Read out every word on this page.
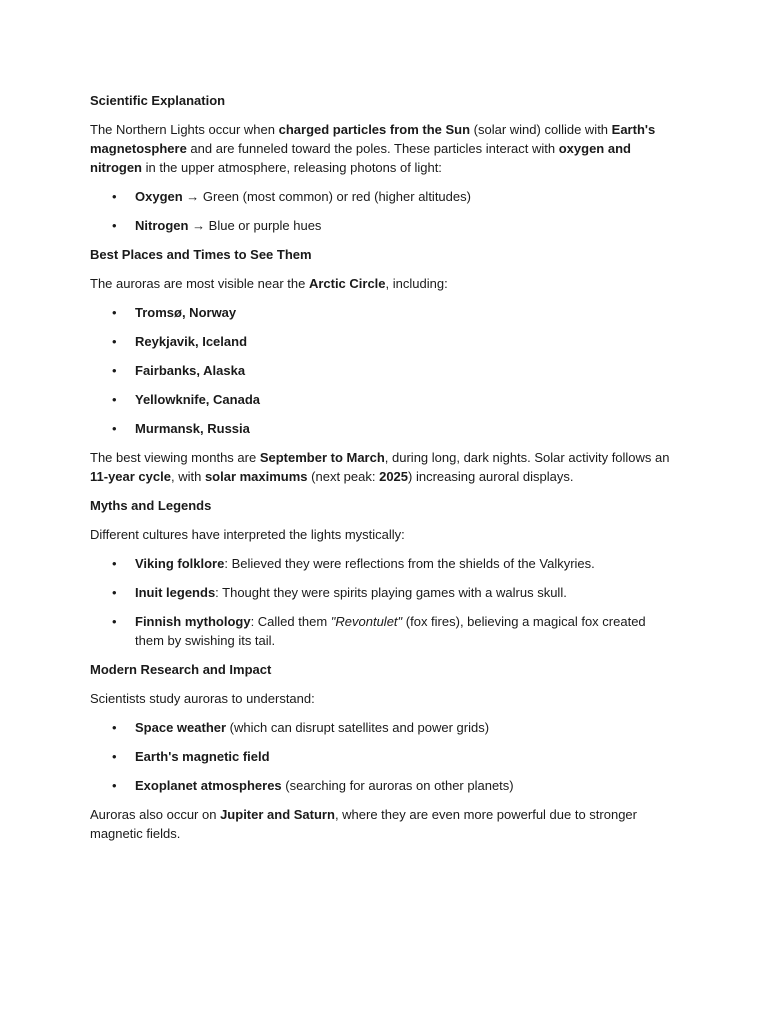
Scientific Explanation

The Northern Lights occur when charged particles from the Sun (solar wind) collide with Earth's magnetosphere and are funneled toward the poles. These particles interact with oxygen and nitrogen in the upper atmosphere, releasing photons of light:

• Oxygen → Green (most common) or red (higher altitudes)
• Nitrogen → Blue or purple hues
Best Places and Times to See Them

The auroras are most visible near the Arctic Circle, including:

• Tromsø, Norway
• Reykjavik, Iceland
• Fairbanks, Alaska
• Yellowknife, Canada
• Murmansk, Russia

The best viewing months are September to March, during long, dark nights. Solar activity follows an 11-year cycle, with solar maximums (next peak: 2025) increasing auroral displays.

Myths and Legends

Different cultures have interpreted the lights mystically:

• Viking folklore: Believed they were reflections from the shields of the Valkyries.
• Inuit legends: Thought they were spirits playing games with a walrus skull.
• Finnish mythology: Called them "Revontulet" (fox fires), believing a magical fox created them by swishing its tail.
Modern Research and Impact

Scientists study auroras to understand:

• Space weather (which can disrupt satellites and power grids)
• Earth's magnetic field
• Exoplanet atmospheres (searching for auroras on other planets)

Auroras also occur on Jupiter and Saturn, where they are even more powerful due to stronger magnetic fields.
